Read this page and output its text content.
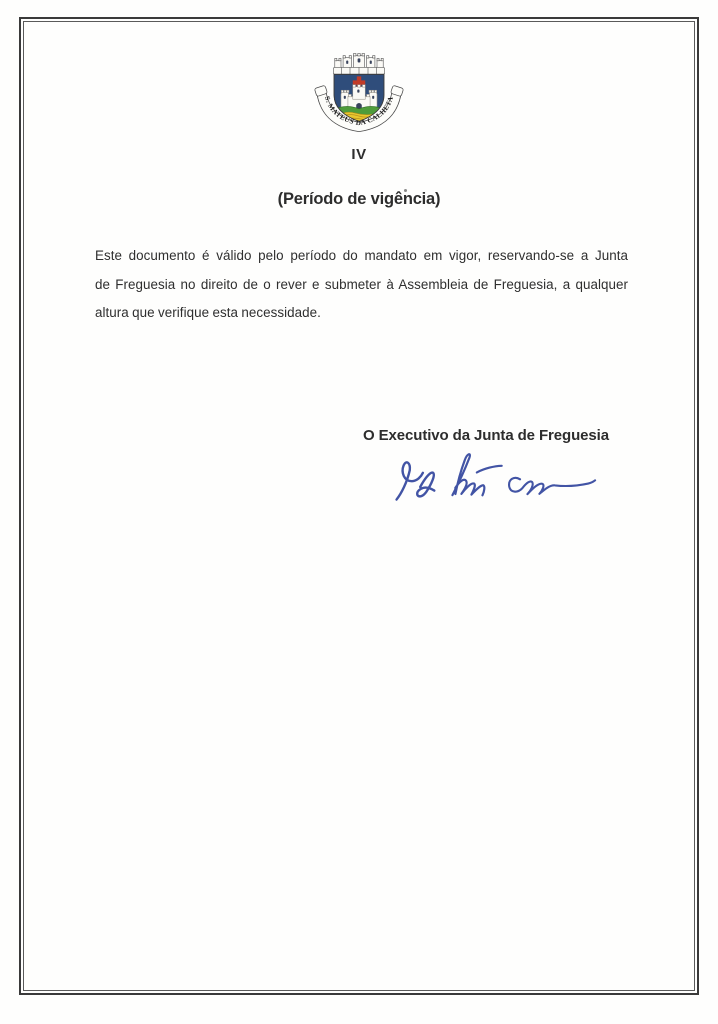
S. MATEUS DA CALHETA
IV
(Período de vigência)

Este documento é válido pelo período do mandato em vigor, reservando-se a Junta
de Freguesia no direito de o rever e submeter à Assembleia de Freguesia, a qualquer
altura que verifique esta necessidade.

O Executivo da Junta de Freguesia
